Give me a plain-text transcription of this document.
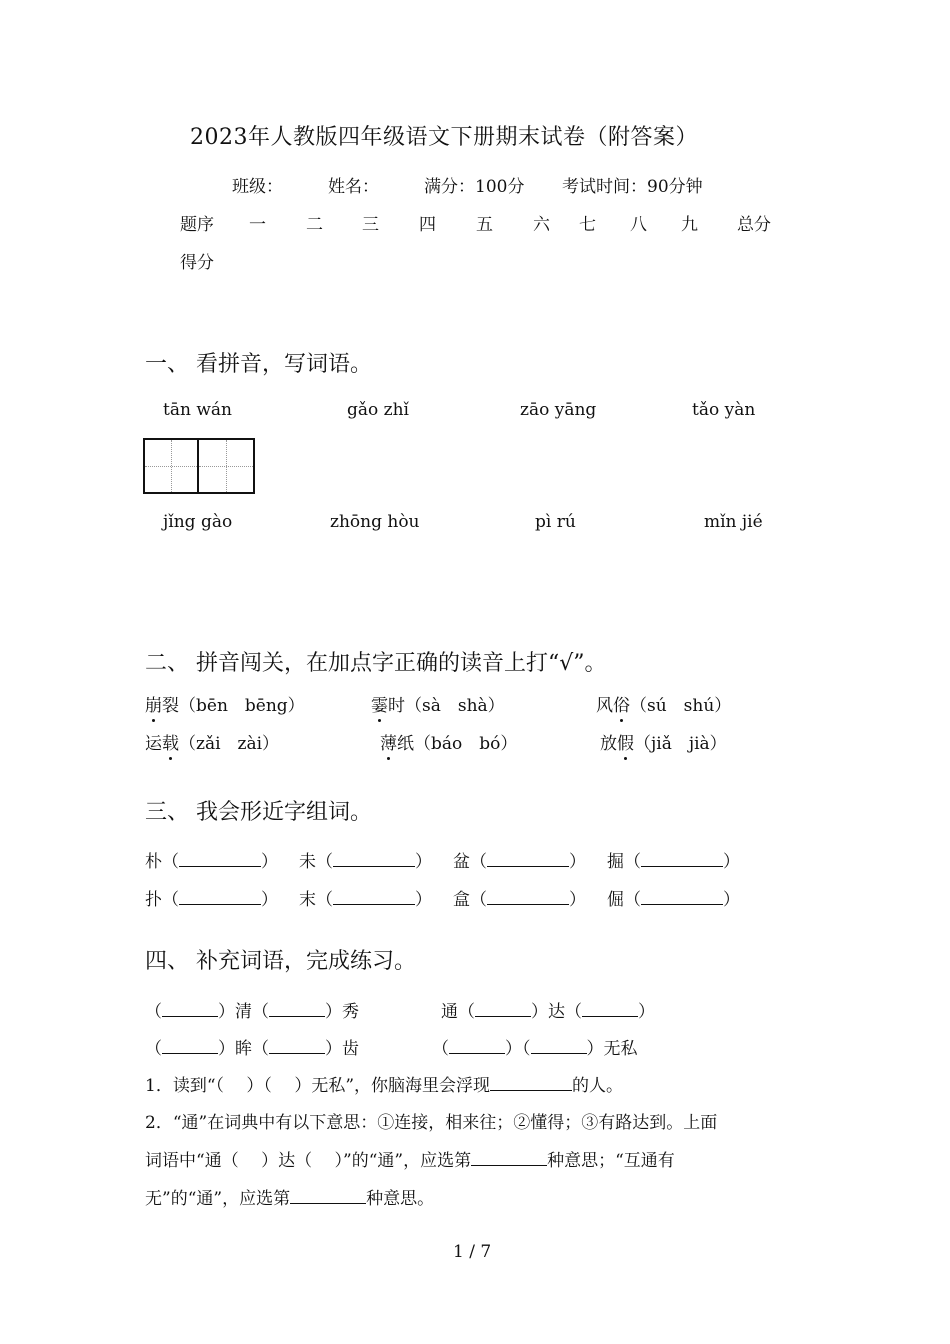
2023年人教版四年级语文下册期末试卷（附答案）
班级：	姓名：	满分：100分 考试时间：90分钟
题序 一 二 三 四 五 六 七 八 九 总分
得分
一、 看拼音，写词语。
tān wán	gǎo zhǐ	zāo yāng	tǎo yàn
jǐng gào	zhōng hòu	pì rú	mǐn jié
二、 拼音闯关，在加点字正确的读音上打“√”。
崩裂（bēn　bēng）	霎时（sà　shà）	风俗（sú　shú）
运载（zǎi　zài）	薄纸（báo　bó）	放假（jiǎ　jià）
三、 我会形近字组词。
朴（	） 未（	） 盆（	） 掘（	）
扑（	） 末（	） 盒（	） 倔（	）
四、 补充词语，完成练习。
（	）清（	）秀	通（	）达（	）
（	）眸（	）齿	（	）（	）无私
1．读到“（　 ）（　 ）无私”，你脑海里会浮现	的人。
2．“通”在词典中有以下意思：①连接，相来往；②懂得；③有路达到。上面
词语中“通（　 ）达（　 ）”的“通”，应选第	种意思；“互通有
无”的“通”，应选第	种意思。
1 / 7
